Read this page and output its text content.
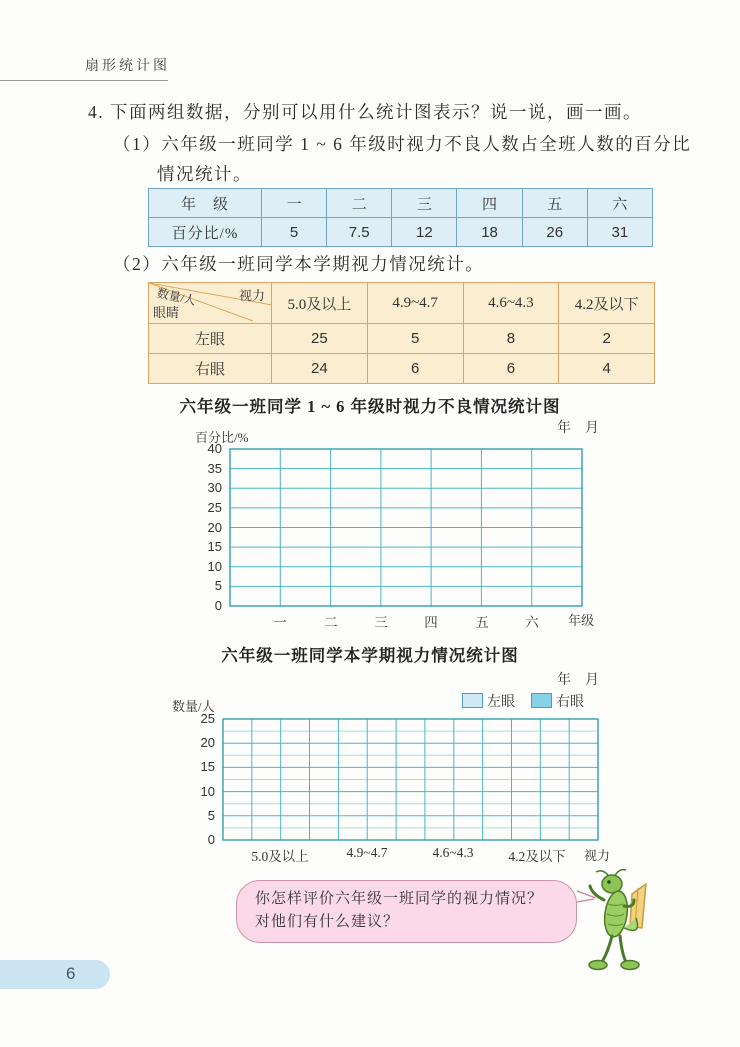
扇形统计图
4. 下面两组数据，分别可以用什么统计图表示？说一说，画一画。
（1）六年级一班同学 1 ~ 6 年级时视力不良人数占全班人数的百分比情况统计。
年　级	一	二	三	四	五	六
百分比/%	5	7.5	12	18	26	31
（2）六年级一班同学本学期视力情况统计。
数量/人 视力
眼睛	5.0及以上	4.9~4.7	4.6~4.3	4.2及以下
左眼	25	5	8	2
右眼	24	6	6	4
六年级一班同学 1 ~ 6 年级时视力不良情况统计图
年　月
百分比/%
40
35
30
25
20
15
10
5
0
一	二	三	四	五	六	年级
六年级一班同学本学期视力情况统计图
年　月
数量/人	左眼	右眼
25
20
15
10
5
0
5.0及以上	4.9~4.7	4.6~4.3	4.2及以下	视力
你怎样评价六年级一班同学的视力情况？
对他们有什么建议？
6
